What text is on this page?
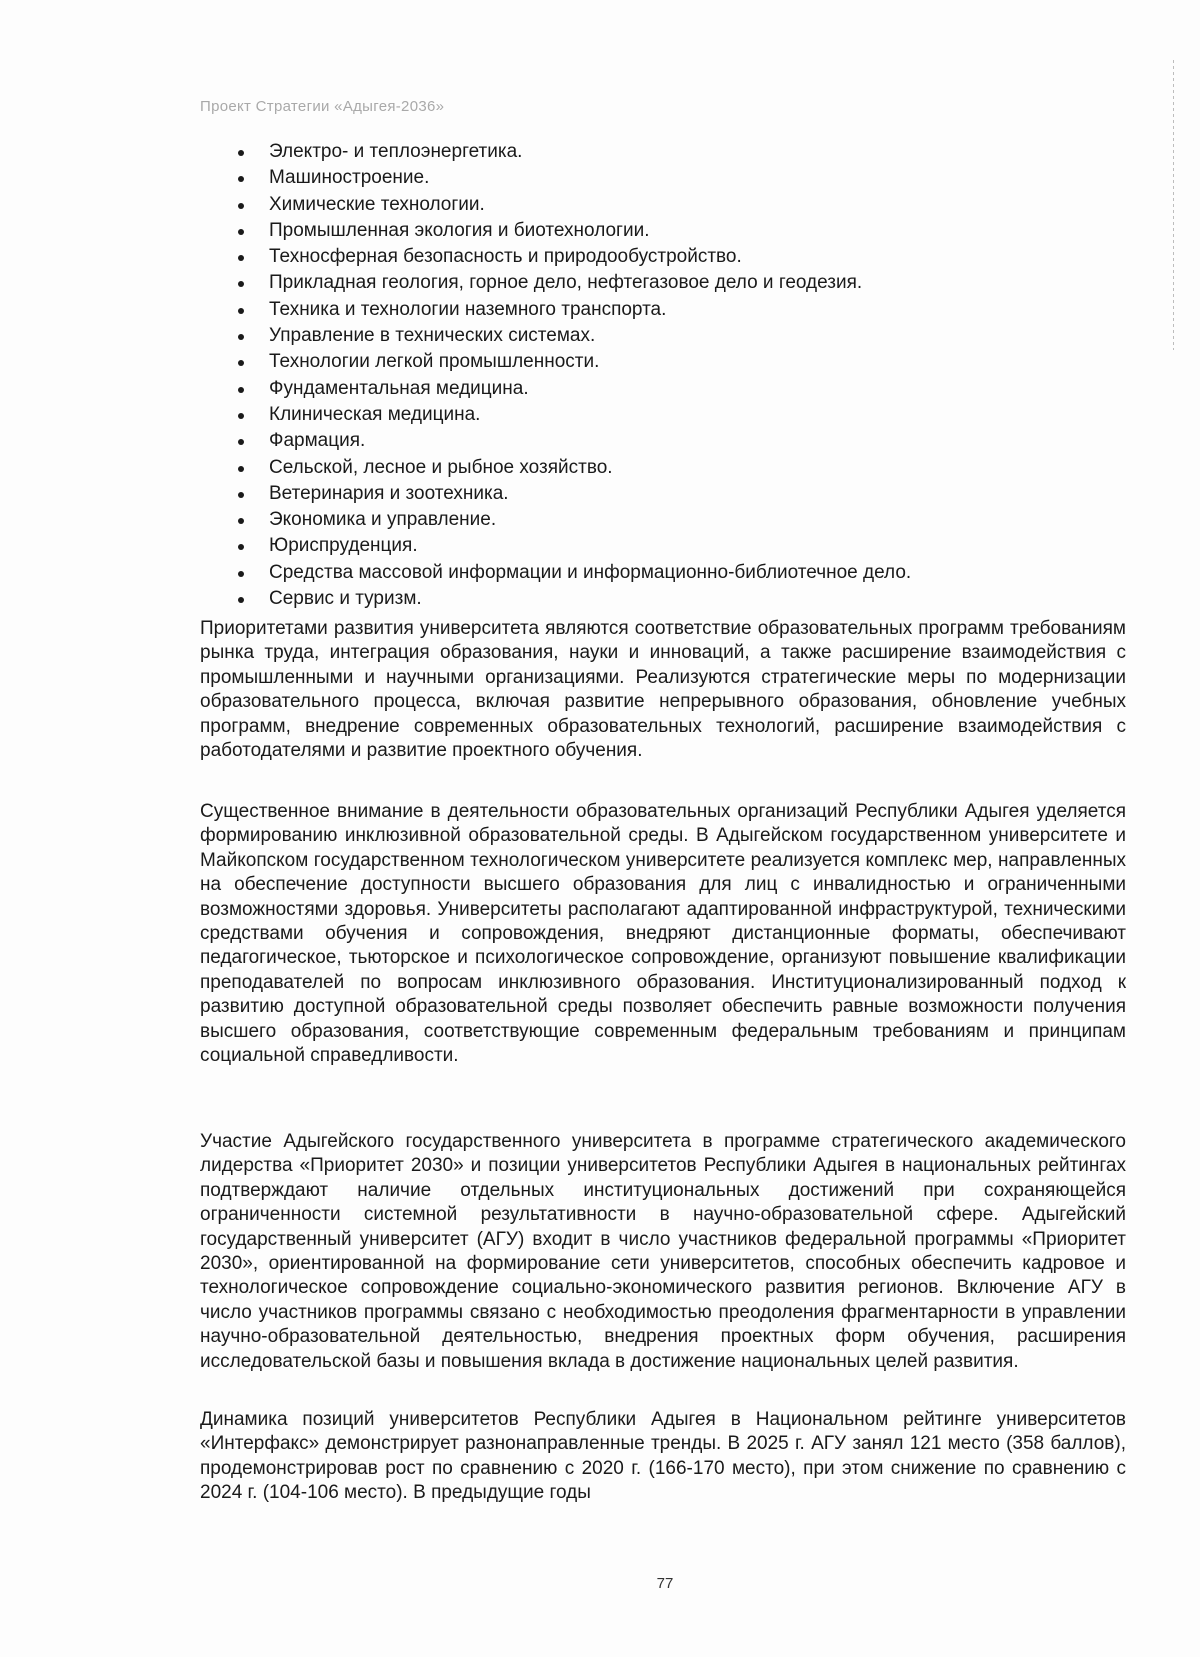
Проект Стратегии «Адыгея-2036»
Электро- и теплоэнергетика.
Машиностроение.
Химические технологии.
Промышленная экология и биотехнологии.
Техносферная безопасность и природообустройство.
Прикладная геология, горное дело, нефтегазовое дело и геодезия.
Техника и технологии наземного транспорта.
Управление в технических системах.
Технологии легкой промышленности.
Фундаментальная медицина.
Клиническая медицина.
Фармация.
Сельской, лесное и рыбное хозяйство.
Ветеринария и зоотехника.
Экономика и управление.
Юриспруденция.
Средства массовой информации и информационно-библиотечное дело.
Сервис и туризм.

Приоритетами развития университета являются соответствие образовательных программ требованиям рынка труда, интеграция образования, науки и инноваций, а также расширение взаимодействия с промышленными и научными организациями. Реализуются стратегические меры по модернизации образовательного процесса, включая развитие непрерывного образования, обновление учебных программ, внедрение современных образовательных технологий, расширение взаимодействия с работодателями и развитие проектного обучения.

Существенное внимание в деятельности образовательных организаций Республики Адыгея уделяется формированию инклюзивной образовательной среды. В Адыгейском государственном университете и Майкопском государственном технологическом университете реализуется комплекс мер, направленных на обеспечение доступности высшего образования для лиц с инвалидностью и ограниченными возможностями здоровья. Университеты располагают адаптированной инфраструктурой, техническими средствами обучения и сопровождения, внедряют дистанционные форматы, обеспечивают педагогическое, тьюторское и психологическое сопровождение, организуют повышение квалификации преподавателей по вопросам инклюзивного образования. Институционализированный подход к развитию доступной образовательной среды позволяет обеспечить равные возможности получения высшего образования, соответствующие современным федеральным требованиям и принципам социальной справедливости.

Участие Адыгейского государственного университета в программе стратегического академического лидерства «Приоритет 2030» и позиции университетов Республики Адыгея в национальных рейтингах подтверждают наличие отдельных институциональных достижений при сохраняющейся ограниченности системной результативности в научно-образовательной сфере. Адыгейский государственный университет (АГУ) входит в число участников федеральной программы «Приоритет 2030», ориентированной на формирование сети университетов, способных обеспечить кадровое и технологическое сопровождение социально-экономического развития регионов. Включение АГУ в число участников программы связано с необходимостью преодоления фрагментарности в управлении научно-образовательной деятельностью, внедрения проектных форм обучения, расширения исследовательской базы и повышения вклада в достижение национальных целей развития.

Динамика позиций университетов Республики Адыгея в Национальном рейтинге университетов «Интерфакс» демонстрирует разнонаправленные тренды. В 2025 г. АГУ занял 121 место (358 баллов), продемонстрировав рост по сравнению с 2020 г. (166-170 место), при этом снижение по сравнению с 2024 г. (104-106 место). В предыдущие годы

77
